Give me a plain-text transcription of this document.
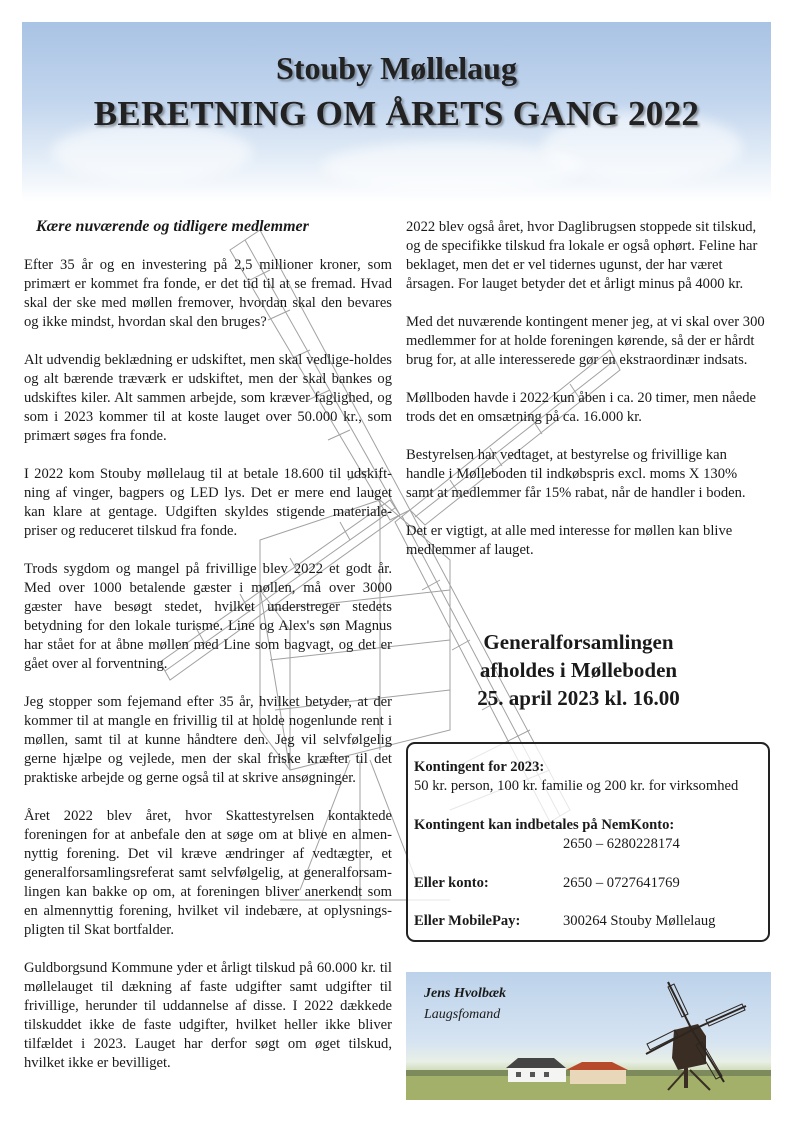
Stouby Møllelaug
BERETNING OM ÅRETS GANG 2022
Kære nuværende og tidligere medlemmer

Efter 35 år og en investering på 2,5 millioner kroner, som primært er kommet fra fonde, er det tid til at se fremad. Hvad skal der ske med møllen fremover, hvordan skal den bevares og ikke mindst, hvordan skal den bruges?

Alt udvendig beklædning er udskiftet, men skal vedlige-holdes og alt bærende træværk er udskiftet, men der skal bankes og udskiftes kiler. Alt sammen arbejde, som kræver faglighed, og som i 2023 kommer til at koste lauget over 50.000 kr., som primært søges fra fonde.

I 2022 kom Stouby møllelaug til at betale 18.600 til udskift-ning af vinger, bagpers og LED lys. Det er mere end lauget kan klare at gentage. Udgiften skyldes stigende materiale-priser og reduceret tilskud fra fonde.

Trods sygdom og mangel på frivillige blev 2022 et godt år. Med over 1000 betalende gæster i møllen, må over 3000 gæster have besøgt stedet, hvilket understreger stedets betydning for den lokale turisme. Line og Alex's søn Magnus har stået for at åbne møllen med Line som bagvagt, og det er gået over al forventning.

Jeg stopper som fejemand efter 35 år, hvilket betyder, at der kommer til at mangle en frivillig til at holde nogenlunde rent i møllen, samt til at kunne håndtere den. Jeg vil selvfølgelig gerne hjælpe og vejlede, men der skal friske kræfter til det praktiske arbejde og gerne også til at skrive ansøgninger.

Året 2022 blev året, hvor Skattestyrelsen kontaktede foreningen for at anbefale den at søge om at blive en almen-nyttig forening. Det vil kræve ændringer af vedtægter, et generalforsamlingsreferat samt selvfølgelig, at generalforsam-lingen kan bakke op om, at foreningen bliver anerkendt som en almennyttig forening, hvilket vil indebære, at oplysnings-pligten til Skat bortfalder.

Guldborgsund Kommune yder et årligt tilskud på 60.000 kr. til møllelauget til dækning af faste udgifter samt udgifter til frivillige, herunder til uddannelse af disse. I 2022 dækkede tilskuddet ikke de faste udgifter, hvilket heller ikke bliver tilfældet i 2023. Lauget har derfor søgt om øget tilskud, hvilket ikke er bevilliget.

2022 blev også året, hvor Daglibrugsen stoppede sit tilskud, og de specifikke tilskud fra lokale er også ophørt. Feline har beklaget, men det er vel tidernes ugunst, der har været årsagen. For lauget betyder det et årligt minus på 4000 kr.

Med det nuværende kontingent mener jeg, at vi skal over 300 medlemmer for at holde foreningen kørende, så der er hårdt brug for, at alle interesserede gør en ekstraordinær indsats.

Møllboden havde i 2022 kun åben i ca. 20 timer, men nåede trods det en omsætning på ca. 16.000 kr.

Bestyrelsen har vedtaget, at bestyrelse og frivillige kan handle i Mølleboden til indkøbspris excl. moms X 130% samt at medlemmer får 15% rabat, når de handler i boden.

Det er vigtigt, at alle med interesse for møllen kan blive medlemmer af lauget.

Generalforsamlingen
afholdes i Mølleboden
25. april 2023 kl. 16.00
Kontingent for 2023:
50 kr. person, 100 kr. familie og 200 kr. for virksomhed
Kontingent kan indbetales på NemKonto:
2650 – 6280228174
Eller konto:	2650 – 0727641769
Eller MobilePay:	300264 Stouby Møllelaug
Jens Hvolbæk
Laugsfomand
